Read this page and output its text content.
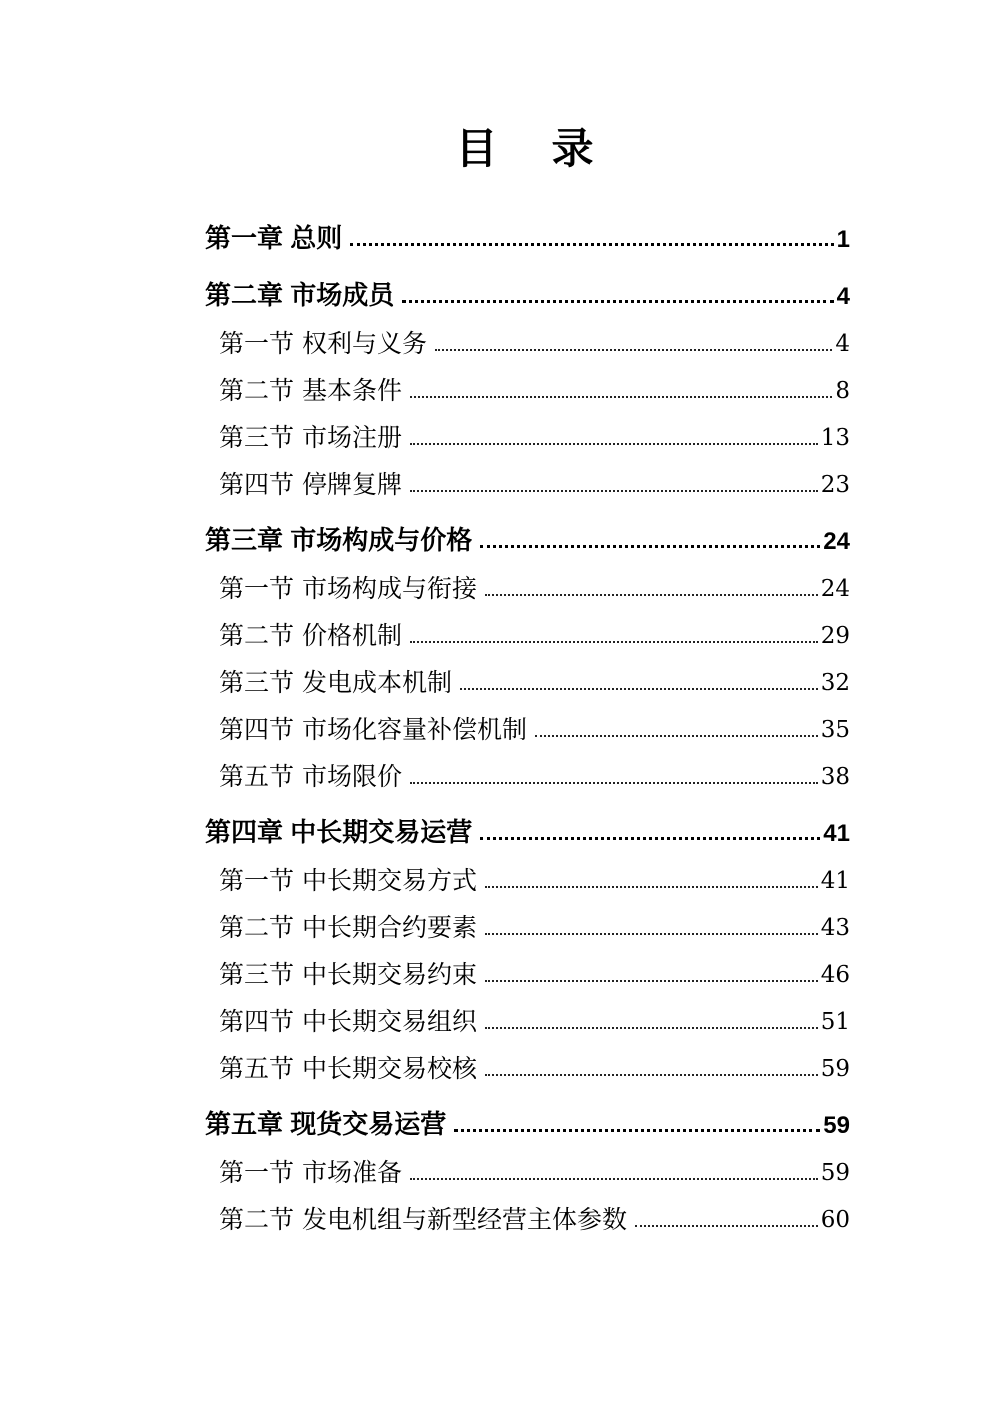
目　录
第一章 总则	1
第二章 市场成员	4
第一节 权利与义务	4
第二节 基本条件	8
第三节 市场注册	13
第四节 停牌复牌	23
第三章 市场构成与价格	24
第一节 市场构成与衔接	24
第二节 价格机制	29
第三节 发电成本机制	32
第四节 市场化容量补偿机制	35
第五节 市场限价	38
第四章 中长期交易运营	41
第一节 中长期交易方式	41
第二节 中长期合约要素	43
第三节 中长期交易约束	46
第四节 中长期交易组织	51
第五节 中长期交易校核	59
第五章 现货交易运营	59
第一节 市场准备	59
第二节 发电机组与新型经营主体参数	60
